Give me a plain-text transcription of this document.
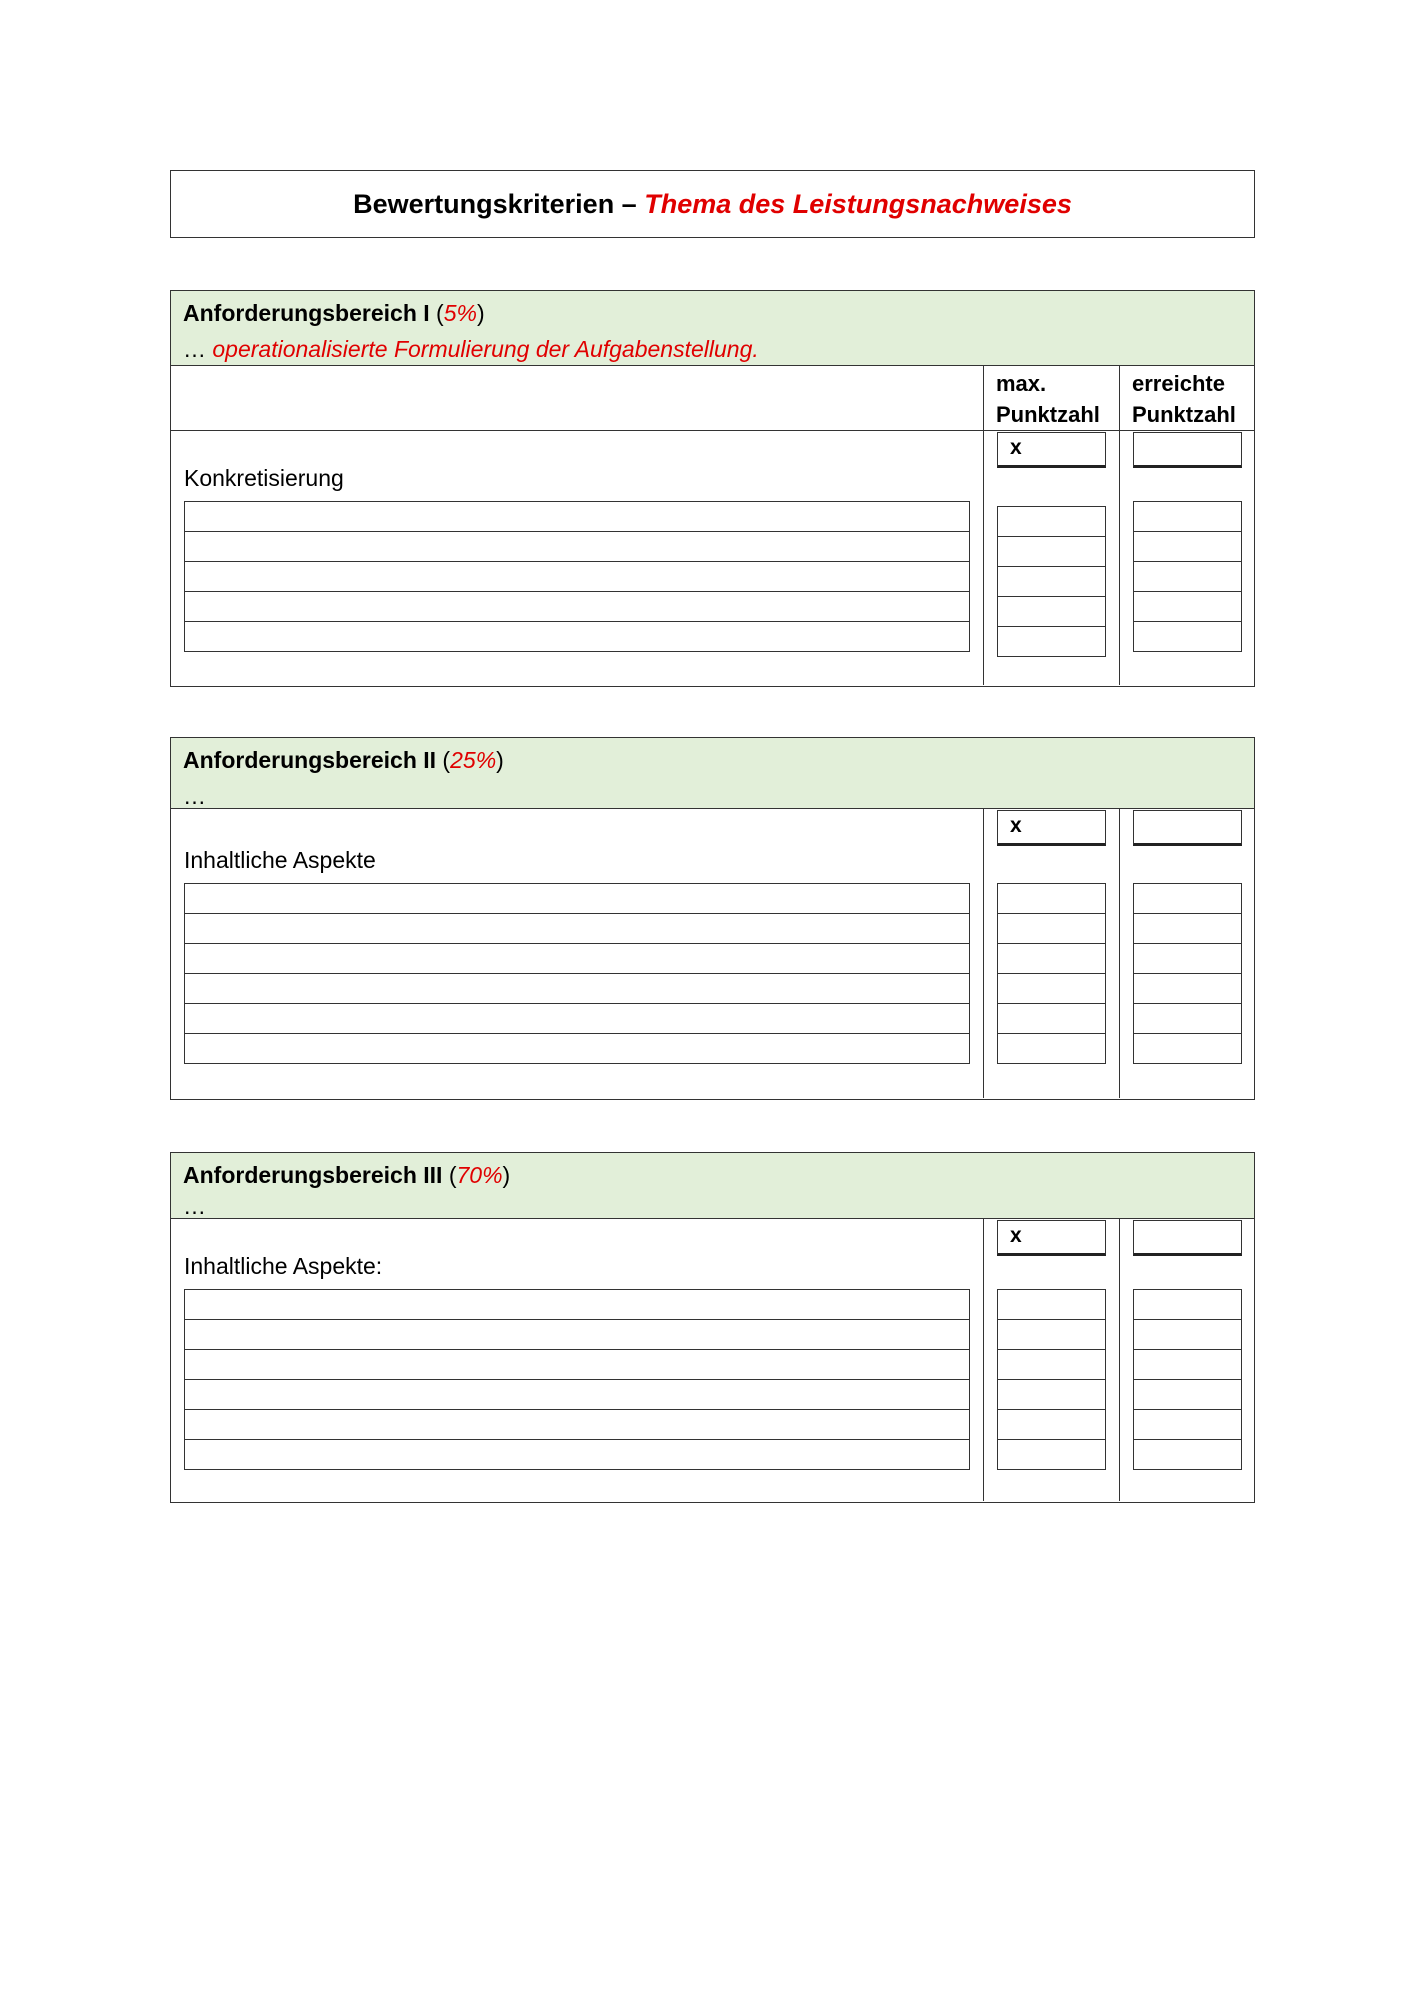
Bewertungskriterien –
Thema des Leistungsnachweises
Anforderungsbereich I (5%)
… operationalisierte Formulierung der Aufgabenstellung.
max.
Punktzahl
erreichte
Punktzahl
x
Konkretisierung
Anforderungsbereich II (25%)
…
x
Inhaltliche Aspekte
Anforderungsbereich III (70%)
…
x
Inhaltliche Aspekte:
